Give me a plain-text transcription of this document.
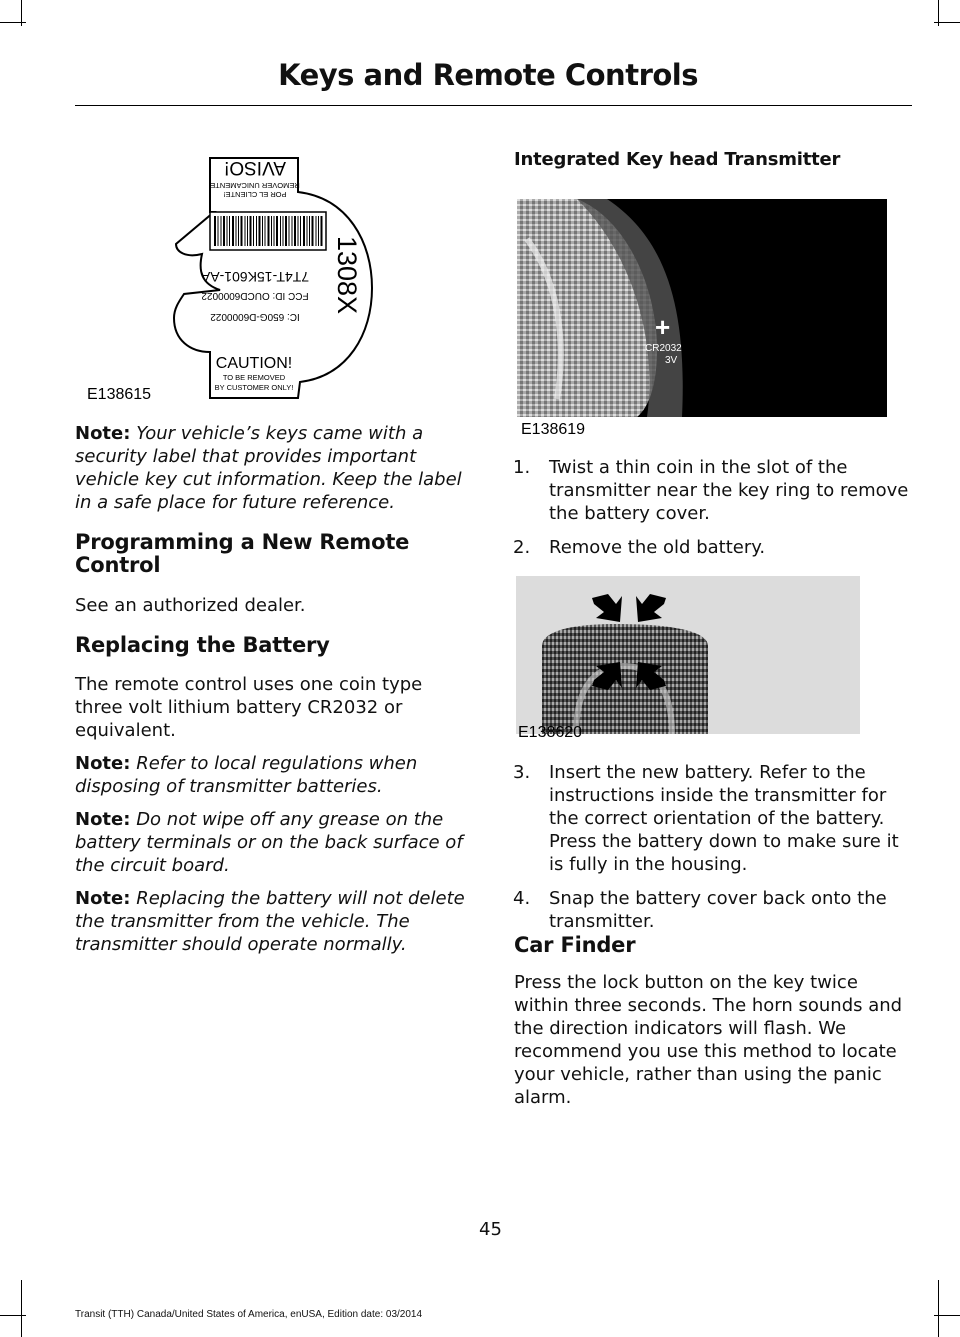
Keys and Remote Controls
AVISO!
REMOVER UNICAMENTE
POR EL CLIENTE!
IC: 650G-D6000022
FCC ID: OUCD6000022
7T4T-15K601-AA 1308X
CAUTION!
TO BE REMOVED
BY CUSTOMER ONLY!
E138615

Note: Your vehicle’s keys came with a security label that provides important vehicle key cut information. Keep the label in a safe place for future reference.

Programming a New Remote Control

See an authorized dealer.

Replacing the Battery

The remote control uses one coin type three volt lithium battery CR2032 or equivalent.

Note: Refer to local regulations when disposing of transmitter batteries.

Note: Do not wipe off any grease on the battery terminals or on the back surface of the circuit board.

Note: Replacing the battery will not delete the transmitter from the vehicle. The transmitter should operate normally.

Integrated Key head Transmitter
+
CR2032
3V
E138619
1. Twist a thin coin in the slot of the transmitter near the key ring to remove the battery cover.
2. Remove the old battery.
E138620
3. Insert the new battery. Refer to the instructions inside the transmitter for the correct orientation of the battery. Press the battery down to make sure it is fully in the housing.
4. Snap the battery cover back onto the transmitter.
Car Finder

Press the lock button on the key twice within three seconds. The horn sounds and the direction indicators will flash. We recommend you use this method to locate your vehicle, rather than using the panic alarm.

45
Transit (TTH) Canada/United States of America, enUSA, Edition date: 03/2014
